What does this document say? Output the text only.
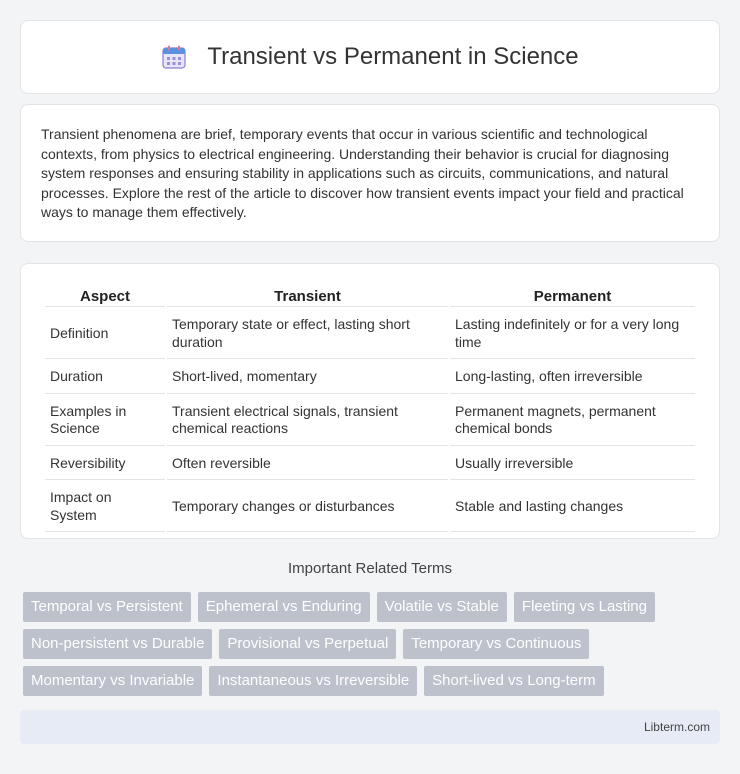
Transient vs Permanent in Science

Transient phenomena are brief, temporary events that occur in various scientific and technological contexts, from physics to electrical engineering. Understanding their behavior is crucial for diagnosing system responses and ensuring stability in applications such as circuits, communications, and natural processes. Explore the rest of the article to discover how transient events impact your field and practical ways to manage them effectively.

Aspect	Transient	Permanent
Definition	Temporary state or effect, lasting short duration	Lasting indefinitely or for a very long time
Duration	Short-lived, momentary	Long-lasting, often irreversible
Examples in Science	Transient electrical signals, transient chemical reactions	Permanent magnets, permanent chemical bonds
Reversibility	Often reversible	Usually irreversible
Impact on System	Temporary changes or disturbances	Stable and lasting changes
Important Related Terms
Temporal vs Persistent	Ephemeral vs Enduring	Volatile vs Stable	Fleeting vs Lasting
Non-persistent vs Durable	Provisional vs Perpetual	Temporary vs Continuous
Momentary vs Invariable	Instantaneous vs Irreversible	Short-lived vs Long-term
Libterm.com
